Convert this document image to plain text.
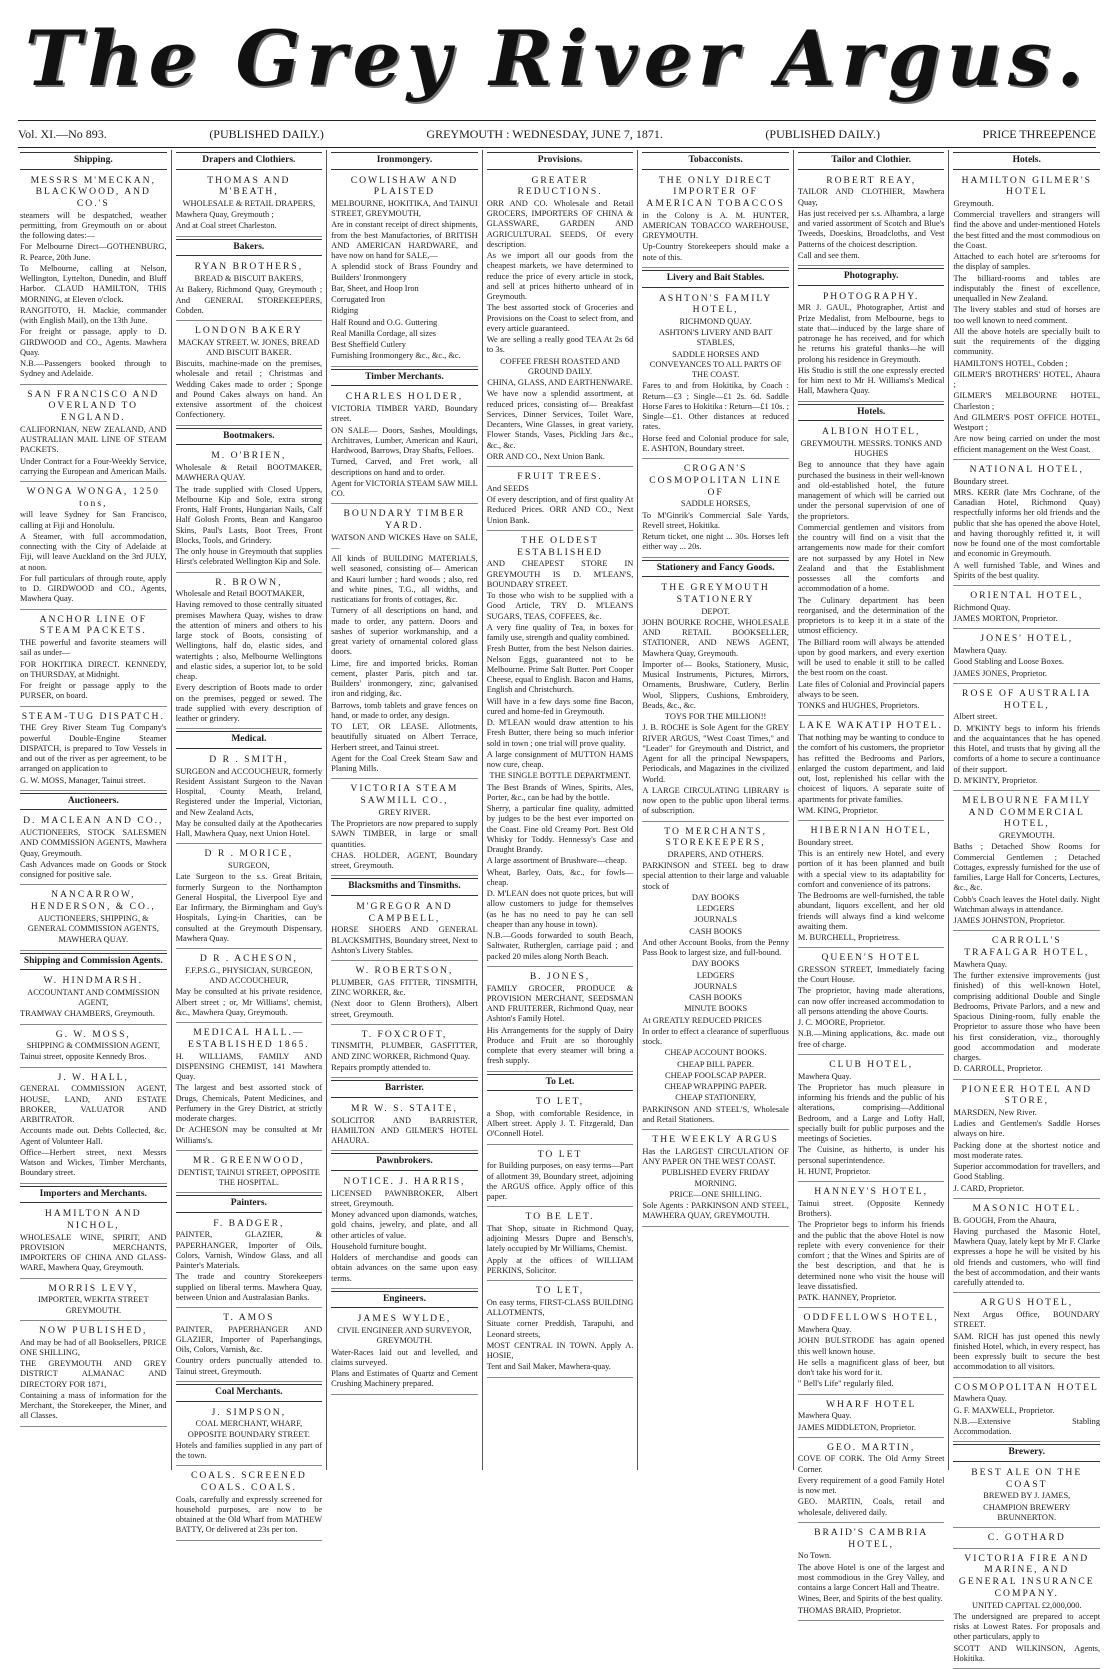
The Grey River Argus.
Vol. XI.—No 893.	(PUBLISHED DAILY.)	GREYMOUTH : WEDNESDAY, JUNE 7, 1871.	(PUBLISHED DAILY.)	PRICE THREEPENCE
Shipping.
MESSRS M'MECKAN, BLACKWOOD, AND CO.'S

steamers will be despatched, weather permitting, from Greymouth on or about the following dates:—

For Melbourne Direct—GOTHENBURG, R. Pearce, 20th June.

To Melbourne, calling at Nelson, Wellington, Lyttelton, Dunedin, and Bluff Harbor. CLAUD HAMILTON, THIS MORNING, at Eleven o'clock.

RANGITOTO, H. Mackie, commander (with English Mail), on the 13th June.

For freight or passage, apply to D. GIRDWOOD and CO., Agents. Mawhera Quay.

N.B.—Passengers booked through to Sydney and Adelaide.

SAN FRANCISCO AND OVERLAND TO ENGLAND.

CALIFORNIAN, NEW ZEALAND, AND AUSTRALIAN MAIL LINE OF STEAM PACKETS.

Under Contract for a Four-Weekly Service, carrying the European and American Mails.

WONGA WONGA, 1250 tons,

will leave Sydney for San Francisco, calling at Fiji and Honolulu.

A Steamer, with full accommodation, connecting with the City of Adelaide at Fiji, will leave Auckland on the 3rd JULY, at noon.

For full particulars of through route, apply to D. GIRDWOOD and CO., Agents, Mawhera Quay.

ANCHOR LINE OF STEAM PACKETS.

THE powerful and favorite steamers will sail as under—

FOR HOKITIKA DIRECT. KENNEDY, on THURSDAY, at Midnight.

For freight or passage apply to the PURSER, on board.

STEAM-TUG DISPATCH.

THE Grey River Steam Tug Company's powerful Double-Engine Steamer DISPATCH, is prepared to Tow Vessels in and out of the river as per agreement, to be arranged on application to

G. W. MOSS, Manager, Tainui street.

Auctioneers.
D. MACLEAN AND CO.,

AUCTIONEERS, STOCK SALESMEN AND COMMISSION AGENTS, Mawhera Quay, Greymouth.

Cash Advances made on Goods or Stock consigned for positive sale.

NANCARROW, HENDERSON, & CO.,

AUCTIONEERS, SHIPPING, & GENERAL COMMISSION AGENTS,

MAWHERA QUAY.

Shipping and Commission Agents.
W. HINDMARSH.

ACCOUNTANT AND COMMISSION AGENT,

TRAMWAY CHAMBERS, Greymouth.

G. W. MOSS,

SHIPPING & COMMISSION AGENT,

Tainui street, opposite Kennedy Bros.

J. W. HALL,

GENERAL COMMISSION AGENT, HOUSE, LAND, AND ESTATE BROKER, VALUATOR AND ARBITRATOR.

Accounts made out. Debts Collected, &c. Agent of Volunteer Hall.

Office—Herbert street, next Messrs Watson and Wickes, Timber Merchants, Boundary street.

Importers and Merchants.
HAMILTON AND NICHOL,

WHOLESALE WINE, SPIRIT, AND PROVISION MERCHANTS, IMPORTERS OF CHINA AND GLASS-WARE, Mawhera Quay, Greymouth.

MORRIS LEVY,

IMPORTER, WEKITA STREET GREYMOUTH.

NOW PUBLISHED,

And may be had of all Booksellers, PRICE ONE SHILLING,

THE GREYMOUTH AND GREY DISTRICT ALMANAC AND DIRECTORY FOR 1871,

Containing a mass of information for the Merchant, the Storekeeper, the Miner, and all Classes.

Drapers and Clothiers.
THOMAS AND M'BEATH,

WHOLESALE & RETAIL DRAPERS,

Mawhera Quay, Greymouth ;

And at Coal street Charleston.

Bakers.
RYAN BROTHERS,

BREAD & BISCUIT BAKERS,

At Bakery, Richmond Quay, Greymouth ; And GENERAL STOREKEEPERS, Cobden.

LONDON BAKERY

MACKAY STREET. W. JONES, BREAD AND BISCUIT BAKER.

Biscuits, machine-made on the premises, wholesale and retail ; Christmas and Wedding Cakes made to order ; Sponge and Pound Cakes always on hand. An extensive assortment of the choicest Confectionery.

Bootmakers.
M. O'BRIEN,

Wholesale & Retail BOOTMAKER, MAWHERA QUAY.

The trade supplied with Closed Uppers, Melbourne Kip and Sole, extra strong Fronts, Half Fronts, Hungarian Nails, Calf Half Golosh Fronts, Bean and Kangaroo Skins, Paul's Lasts, Boot Trees, Front Blocks, Tools, and Grindery.

The only house in Greymouth that supplies Hirst's celebrated Wellington Kip and Sole.

R. BROWN,

Wholesale and Retail BOOTMAKER,

Having removed to those centrally situated premises Mawhera Quay, wishes to draw the attention of miners and others to his large stock of Boots, consisting of Wellingtons, half do, elastic sides, and watertights ; also, Melbourne Wellingtons and elastic sides, a superior lot, to be sold cheap.

Every description of Boots made to order on the premises, pegged or sewed. The trade supplied with every description of leather or grindery.

Medical.
D R . SMITH,

SURGEON and ACCOUCHEUR, formerly Resident Assistant Surgeon to the Navan Hospital, County Meath, Ireland, Registered under the Imperial, Victorian, and New Zealand Acts,

May be consulted daily at the Apothecaries Hall, Mawhera Quay, next Union Hotel.

D R . MORICE,

SURGEON,

Late Surgeon to the s.s. Great Britain, formerly Surgeon to the Northampton General Hospital, the Liverpool Eye and Ear Infirmary, the Birmingham and Guy's Hospitals, Lying-in Charities, can be consulted at the Greymouth Dispensary, Mawhera Quay.

D R . ACHESON,

F.F.P.S.G., PHYSICIAN, SURGEON, AND ACCOUCHEUR,

May be consulted at his private residence, Albert street ; or, Mr Williams', chemist, &c., Mawhera Quay, Greymouth.

MEDICAL HALL.—ESTABLISHED 1865.

H. WILLIAMS, FAMILY AND DISPENSING CHEMIST, 141 Mawhera Quay.

The largest and best assorted stock of Drugs, Chemicals, Patent Medicines, and Perfumery in the Grey District, at strictly moderate charges.

Dr ACHESON may be consulted at Mr Williams's.

MR. GREENWOOD,

DENTIST, TAINUI STREET, OPPOSITE THE HOSPITAL.

Painters.
F. BADGER,

PAINTER, GLAZIER, & PAPERHANGER, Importer of Oils, Colors, Varnish, Window Glass, and all Painter's Materials.

The trade and country Storekeepers supplied on liberal terms. Mawhera Quay, between Union and Australasian Banks.

T. AMOS

PAINTER, PAPERHANGER AND GLAZIER, Importer of Paperhangings, Oils, Colors, Varnish, &c.

Country orders punctually attended to. Tainui street, Greymouth.

Coal Merchants.
J. SIMPSON,

COAL MERCHANT, WHARF, OPPOSITE BOUNDARY STREET.

Hotels and families supplied in any part of the town.

COALS. SCREENED COALS. COALS.

Coals, carefully and expressly screened for household purposes, are now to be obtained at the Old Wharf from MATHEW BATTY, Or delivered at 23s per ton.

Ironmongery.
COWLISHAW AND PLAISTED

MELBOURNE, HOKITIKA, And TAINUI STREET, GREYMOUTH,

Are in constant receipt of direct shipments, from the best Manufactories, of BRITISH AND AMERICAN HARDWARE, and have now on hand for SALE,—

A splendid stock of Brass Foundry and Builders' Ironmongery

Bar, Sheet, and Hoop Iron

Corrugated Iron

Ridging

Half Round and O.G. Guttering

Real Manilla Cordage, all sizes

Best Sheffield Cutlery

Furnishing Ironmongery &c., &c., &c.

Timber Merchants.
CHARLES HOLDER,

VICTORIA TIMBER YARD, Boundary street.

ON SALE— Doors, Sashes, Mouldings, Architraves, Lumber, American and Kauri, Hardwood, Barrows, Dray Shafts, Felloes.

Turned, Carved, and Fret work, all descriptions on hand and to order.

Agent for VICTORIA STEAM SAW MILL CO.

BOUNDARY TIMBER YARD.

WATSON AND WICKES Have on SALE,—

All kinds of BUILDING MATERIALS, well seasoned, consisting of— American and Kauri lumber ; hard woods ; also, red and white pines, T.G., all widths, and rusticatians for fronts of cottages, &c.

Turnery of all descriptions on hand, and made to order, any pattern. Doors and sashes of superior workmanship, and a great variety of ornamental colored glass doors.

Lime, fire and imported bricks. Roman cement, plaster Paris, pitch and tar. Builders' ironmongery, zinc, galvanised iron and ridging, &c.

Barrows, tomb tablets and grave fences on hand, or made to order, any design.

TO LET, OR LEASE. Allotments, beautifully situated on Albert Terrace, Herbert street, and Tainui street.

Agent for the Coal Creek Steam Saw and Planing Mills.

VICTORIA STEAM SAWMILL CO.,

GREY RIVER.

The Proprietors are now prepared to supply SAWN TIMBER, in large or small quantities.

CHAS. HOLDER, AGENT, Boundary street, Greymouth.

Blacksmiths and Tinsmiths.
M'GREGOR AND CAMPBELL,

HORSE SHOERS AND GENERAL BLACKSMITHS, Boundary street, Next to Ashton's Livery Stables.

W. ROBERTSON,

PLUMBER, GAS FITTER, TINSMITH, ZINC WORKER, &c.

(Next door to Glenn Brothers), Albert street, Greymouth.

T. FOXCROFT,

TINSMITH, PLUMBER, GASFITTER, AND ZINC WORKER, Richmond Quay.

Repairs promptly attended to.

Barrister.
MR W. S. STAITE,

SOLICITOR AND BARRISTER, HAMILTON AND GILMER'S HOTEL AHAURA.

Pawnbrokers.
NOTICE. J. HARRIS,

LICENSED PAWNBROKER, Albert street, Greymouth.

Money advanced upon diamonds, watches, gold chains, jewelry, and plate, and all other articles of value.

Household furniture bought.

Holders of merchandise and goods can obtain advances on the same upon easy terms.

Engineers.
JAMES WYLDE,

CIVIL ENGINEER AND SURVEYOR, GREYMOUTH.

Water-Races laid out and levelled, and claims surveyed.

Plans and Estimates of Quartz and Cement Crushing Machinery prepared.

Provisions.
GREATER REDUCTIONS.

ORR AND CO. Wholesale and Retail GROCERS, IMPORTERS OF CHINA & GLASSWARE, GARDEN AND AGRICULTURAL SEEDS, Of every description.

As we import all our goods from the cheapest markets, we have determined to reduce the price of every article in stock, and sell at prices hitherto unheard of in Greymouth.

The best assorted stock of Groceries and Provisions on the Coast to select from, and every article guaranteed.

We are selling a really good TEA At 2s 6d to 3s.

COFFEE FRESH ROASTED AND GROUND DAILY.

CHINA, GLASS, AND EARTHENWARE.

We have now a splendid assortment, at reduced prices, consisting of— Breakfast Services, Dinner Services, Toilet Ware, Decanters, Wine Glasses, in great variety, Flower Stands, Vases, Pickling Jars &c., &c., &c.

ORR AND CO., Next Union Bank.

FRUIT TREES.

And SEEDS

Of every description, and of first quality At Reduced Prices. ORR AND CO., Next Union Bank.

THE OLDEST ESTABLISHED

AND CHEAPEST STORE IN GREYMOUTH IS D. M'LEAN'S, BOUNDARY STREET.

To those who wish to be supplied with a Good Article, TRY D. M'LEAN'S SUGARS, TEAS, COFFEES, &c.

A very fine quality of Tea, in boxes for family use, strength and quality combined.

Fresh Butter, from the best Nelson dairies. Nelson Eggs, guaranteed not to be Melbourne. Prime Salt Butter. Port Cooper Cheese, equal to English. Bacon and Hams, English and Christchurch.

Will have in a few days some fine Bacon, cured and home-fed in Greymouth.

D. M'LEAN would draw attention to his Fresh Butter, there being so much inferior sold in town ; one trial will prove quality.

A large consignment of MUTTON HAMS now cure, cheap.

THE SINGLE BOTTLE DEPARTMENT.

The Best Brands of Wines, Spirits, Ales, Porter, &c., can be had by the bottle.

Sherry, a particular fine quality, admitted by judges to be the best ever imported on the Coast. Fine old Creamy Port. Best Old Whisky for Toddy. Hennessy's Case and Draught Brandy.

A large assortment of Brushware—cheap.

Wheat, Barley, Oats, &c., for fowls—cheap.

D. M'LEAN does not quote prices, but will allow customers to judge for themselves (as he has no need to pay he can sell cheaper than any house in town).

N.B.—Goods forwarded to south Beach, Saltwater, Rutherglen, carriage paid ; and packed 20 miles along North Beach.

B. JONES,

FAMILY GROCER, PRODUCE & PROVISION MERCHANT, SEEDSMAN AND FRUITERER, Richmond Quay, near Ashton's Family Hotel.

His Arrangements for the supply of Dairy Produce and Fruit are so thoroughly complete that every steamer will bring a fresh supply.

To Let.
TO LET,

a Shop, with comfortable Residence, in Albert street. Apply J. T. Fitzgerald, Dan O'Connell Hotel.

TO LET

for Building purposes, on easy terms—Part of allotment 39, Boundary street, adjoining the ARGUS office. Apply office of this paper.

TO BE LET.

That Shop, situate in Richmond Quay, adjoining Messrs Dupre and Bensch's, lately occupied by Mr Williams, Chemist.

Apply at the offices of WILLIAM PERKINS, Solicitor.

TO LET,

On easy terms, FIRST-CLASS BUILDING ALLOTMENTS,

Situate corner Preddish, Tarapuhi, and Leonard streets,

MOST CENTRAL IN TOWN. Apply A. HOSIE,

Tent and Sail Maker, Mawhera-quay.

Tobacconists.
THE ONLY DIRECT IMPORTER OF AMERICAN TOBACCOS

in the Colony is A. M. HUNTER, AMERICAN TOBACCO WAREHOUSE, GREYMOUTH.

Up-Country Storekeepers should make a note of this.

Livery and Bait Stables.
ASHTON'S FAMILY HOTEL,

RICHMOND QUAY.

ASHTON'S LIVERY AND BAIT STABLES,

SADDLE HORSES AND CONVEYANCES TO ALL PARTS OF THE COAST.

Fares to and from Hokitika, by Coach : Return—£3 ; Single—£1 2s. 6d. Saddle Horse Fares to Hokitika : Return—£1 10s. ; Single—£1. Other distances at reduced rates.

Horse feed and Colonial produce for sale, E. ASHTON, Boundary street.

CROGAN'S COSMOPOLITAN LINE OF

SADDLE HORSES,

To M'Ginrik's Commercial Sale Yards, Revell street, Hokitika.

Return ticket, one night ... 30s. Horses left either way ... 20s.

Stationery and Fancy Goods.
THE GREYMOUTH STATIONERY

DEPOT.

JOHN BOURKE ROCHE, WHOLESALE AND RETAIL BOOKSELLER, STATIONER, AND NEWS AGENT, Mawhera Quay, Greymouth.

Importer of— Books, Stationery, Music, Musical Instruments, Pictures, Mirrors, Ornaments, Brushware, Cutlery, Berlin Wool, Slippers, Cushions, Embroidery, Beads, &c., &c.

TOYS FOR THE MILLION!!

J. B. ROCHE is Sole Agent for the GREY RIVER ARGUS, "West Coast Times," and "Leader" for Greymouth and District, and Agent for all the principal Newspapers, Periodicals, and Magazines in the civilized World.

A LARGE CIRCULATING LIBRARY is now open to the public upon liberal terms of subscription.

TO MERCHANTS, STOREKEEPERS,

DRAPERS, AND OTHERS.

PARKINSON and STEEL beg to draw special attention to their large and valuable stock of

DAY BOOKS

LEDGERS

JOURNALS

CASH BOOKS

And other Account Books, from the Penny Pass Book to largest size, and full-bound.

DAY BOOKS

LEDGERS

JOURNALS

CASH BOOKS

MINUTE BOOKS

At GREATLY REDUCED PRICES

In order to effect a clearance of superfluous stock.

CHEAP ACCOUNT BOOKS.

CHEAP BILL PAPER.

CHEAP FOOLSCAP PAPER.

CHEAP WRAPPING PAPER.

CHEAP STATIONERY,

PARKINSON AND STEEL'S, Wholesale and Retail Stationers.

THE WEEKLY ARGUS

Has the LARGEST CIRCULATION OF ANY PAPER ON THE WEST COAST.

PUBLISHED EVERY FRIDAY MORNING.

PRICE—ONE SHILLING.

Sole Agents : PARKINSON AND STEEL, MAWHERA QUAY, GREYMOUTH.

Tailor and Clothier.
ROBERT REAY,

TAILOR AND CLOTHIER, Mawhera Quay,

Has just received per s.s. Alhambra, a large and varied assortment of Scotch and Blue's Tweeds, Doeskins, Broadcloths, and Vest Patterns of the choicest description.

Call and see them.

Photography.
PHOTOGRAPHY.

MR J. GAUL, Photographer, Artist and Prize Medalist, from Melbourne, begs to state that—induced by the large share of patronage he has received, and for which he returns his grateful thanks—he will prolong his residence in Greymouth.

His Studio is still the one expressly erected for him next to Mr H. Williams's Medical Hall, Mawhera Quay.

Hotels.
ALBION HOTEL,

GREYMOUTH. MESSRS. TONKS AND HUGHES

Beg to announce that they have again purchased the business in their well-known and old-established hotel, the future management of which will be carried out under the personal supervision of one of the proprietors.

Commercial gentlemen and visitors from the country will find on a visit that the arrangements now made for their comfort are not surpassed by any Hotel in New Zealand and that the Establishment possesses all the comforts and accommodation of a home.

The Culinary department has been reorganised, and the determination of the proprietors is to keep it in a state of the utmost efficiency.

The Billiard room will always be attended upon by good markers, and every exertion will be used to enable it still to be called the best room on the coast.

Late files of Colonial and Provincial papers always to be seen.

TONKS and HUGHES, Proprietors.

LAKE WAKATIP HOTEL.

That nothing may be wanting to conduce to the comfort of his customers, the proprietor has refitted the Bedrooms and Parlors, enlarged the custom department, and laid out, lost, replenished his cellar with the choicest of liquors. A separate suite of apartments for private families.

WM. KING, Proprietor.

HIBERNIAN HOTEL,

Boundary street.

This is an entirely new Hotel, and every portion of it has been planned and built with a special view to its adaptability for comfort and convenience of its patrons.

The Bedrooms are well-furnished, the table abundant, liquors excellent, and her old friends will always find a kind welcome awaiting them.

M. BURCHELL, Proprietress.

QUEEN'S HOTEL

GRESSON STREET, Immediately facing the Court House.

The proprietor, having made alterations, can now offer increased accommodation to all persons attending the above Courts.

J. C. MOORE, Proprietor.

N.B.—Mining applications, &c. made out free of charge.

CLUB HOTEL,

Mawhera Quay.

The Proprietor has much pleasure in informing his friends and the public of his alterations, comprising—Additional Bedroom, and a Large and Lofty Hall, specially built for public purposes and the meetings of Societies.

The Cuisine, as hitherto, is under his personal superintendence.

H. HUNT, Proprietor.

HANNEY'S HOTEL,

Tainui street. (Opposite Kennedy Brothers).

The Proprietor begs to inform his friends and the public that the above Hotel is now replete with every convenience for their comfort ; that the Wines and Spirits are of the best description, and that he is determined none who visit the house will leave dissatisfied.

PATK. HANNEY, Proprietor.

ODDFELLOWS HOTEL,

Mawhera Quay.

JOHN BULSTRODE has again opened this well known house.

He sells a magnificent glass of beer, but don't take his word for it.

" Bell's Life" regularly filed.

WHARF HOTEL

Mawhera Quay.

JAMES MIDDLETON, Proprietor.

GEO. MARTIN,

COVE OF CORK. The Old Army Street Corner.

Every requirement of a good Family Hotel is now met.

GEO. MARTIN, Coals, retail and wholesale, delivered daily.

BRAID'S CAMBRIA HOTEL,

No Town.

The above Hotel is one of the largest and most commodious in the Grey Valley, and contains a large Concert Hall and Theatre.

Wines, Beer, and Spirits of the best quality.

THOMAS BRAID, Proprietor.

Hotels.
HAMILTON GILMER'S HOTEL

Greymouth.

Commercial travellers and strangers will find the above and under-mentioned Hotels the best fitted and the most commodious on the Coast.

Attached to each hotel are sr'terooms for the display of samples.

The billiard-rooms and tables are indisputably the finest of excellence, unequalled in New Zealand.

The livery stables and stud of horses are too well known to need comment.

All the above hotels are specially built to suit the requirements of the digging community.

HAMILTON'S HOTEL, Cobden ;

GILMER'S BROTHERS' HOTEL, Ahaura ;

GILMER'S MELBOURNE HOTEL, Charleston ;

And GILMER'S POST OFFICE HOTEL, Westport ;

Are now being carried on under the most efficient management on the West Coast.

NATIONAL HOTEL,

Boundary street.

MRS. KERR (late Mrs Cochrane, of the Canadian Hotel, Richmond Quay) respectfully informs her old friends and the public that she has opened the above Hotel, and having thoroughly refitted it, it will now be found one of the most comfortable and economic in Greymouth.

A well furnished Table, and Wines and Spirits of the best quality.

ORIENTAL HOTEL,

Richmond Quay.

JAMES MORTON, Proprietor.

JONES' HOTEL,

Mawhera Quay.

Good Stabling and Loose Boxes.

JAMES JONES, Proprietor.

ROSE OF AUSTRALIA HOTEL,

Albert street.

D. M'KINTY begs to inform his friends and the acquaintances that he has opened this Hotel, and trusts that by giving all the comforts of a home to secure a continuance of their support.

D. M'KINTY, Proprietor.

MELBOURNE FAMILY AND COMMERCIAL HOTEL,

GREYMOUTH.

Baths ; Detached Show Rooms for Commercial Gentlemen ; Detached Cottages, expressly furnished for the use of families, Large Hall for Concerts, Lectures, &c., &c.

Cobb's Coach leaves the Hotel daily. Night Watchman always in attendance.

JAMES JOHNSTON, Proprietor.

CARROLL'S TRAFALGAR HOTEL,

Mawhera Quay.

The further extensive improvements (just finished) of this well-known Hotel, comprising additional Double and Single Bedrooms, Private Parlors, and a new and Spacious Dining-room, fully enable the Proprietor to assure those who have been his first consideration, viz., thoroughly good accommodation and moderate charges.

D. CARROLL, Proprietor.

PIONEER HOTEL AND STORE,

MARSDEN, New River.

Ladies and Gentlemen's Saddle Horses always on hire.

Packing done at the shortest notice and most moderate rates.

Superior accommodation for travellers, and Good Stabling.

J. CARD, Proprietor.

MASONIC HOTEL.

B. GOUGH, From the Ahaura,

Having purchased the Masonic Hotel, Mawhera Quay, lately kept by Mr F. Clarke expresses a hope he will be visited by his old friends and customers, who will find the best of accommodation, and their wants carefully attended to.

ARGUS HOTEL,

Next Argus Office, BOUNDARY STREET.

SAM. RICH has just opened this newly finished Hotel, which, in every respect, has been expressly built to secure the best accommodation to all visitors.

COSMOPOLITAN HOTEL

Mawhera Quay.

G. F. MAXWELL, Proprietor.

N.B.—Extensive Stabling Accommodation.

Brewery.
BEST ALE ON THE COAST

BREWED BY J. JAMES,

CHAMPION BREWERY BRUNNERTON.

C. GOTHARD
VICTORIA FIRE AND MARINE, AND GENERAL INSURANCE COMPANY.

UNITED CAPITAL £2,000,000.

The undersigned are prepared to accept risks at Lowest Rates. For proposals and other particulars, apply to

SCOTT AND WILKINSON, Agents, Hokitika.
